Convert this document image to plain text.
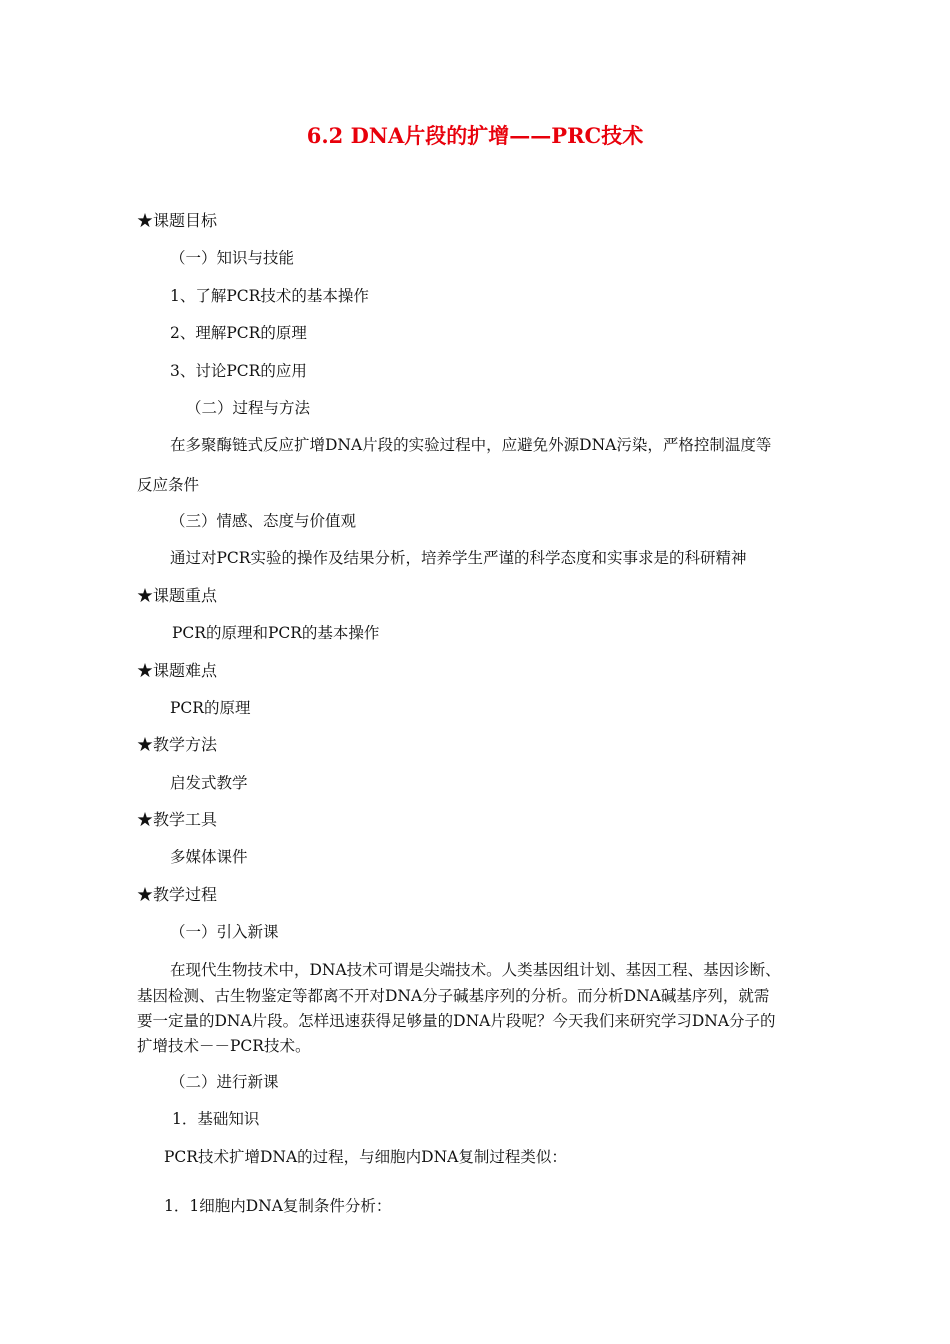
6.2 DNA片段的扩增——PRC技术
★课题目标
（一）知识与技能
1、了解PCR技术的基本操作
2、理解PCR的原理
3、讨论PCR的应用
（二）过程与方法
在多聚酶链式反应扩增DNA片段的实验过程中，应避免外源DNA污染，严格控制温度等
反应条件
（三）情感、态度与价值观
通过对PCR实验的操作及结果分析，培养学生严谨的科学态度和实事求是的科研精神
★课题重点
PCR的原理和PCR的基本操作
★课题难点
PCR的原理
★教学方法
启发式教学
★教学工具
多媒体课件
★教学过程
（一）引入新课
在现代生物技术中，DNA技术可谓是尖端技术。人类基因组计划、基因工程、基因诊断、
基因检测、古生物鉴定等都离不开对DNA分子碱基序列的分析。而分析DNA碱基序列，就需
要一定量的DNA片段。怎样迅速获得足够量的DNA片段呢？今天我们来研究学习DNA分子的
扩增技术－－PCR技术。
（二）进行新课
1．基础知识
PCR技术扩增DNA的过程，与细胞内DNA复制过程类似：
1．1细胞内DNA复制条件分析：
